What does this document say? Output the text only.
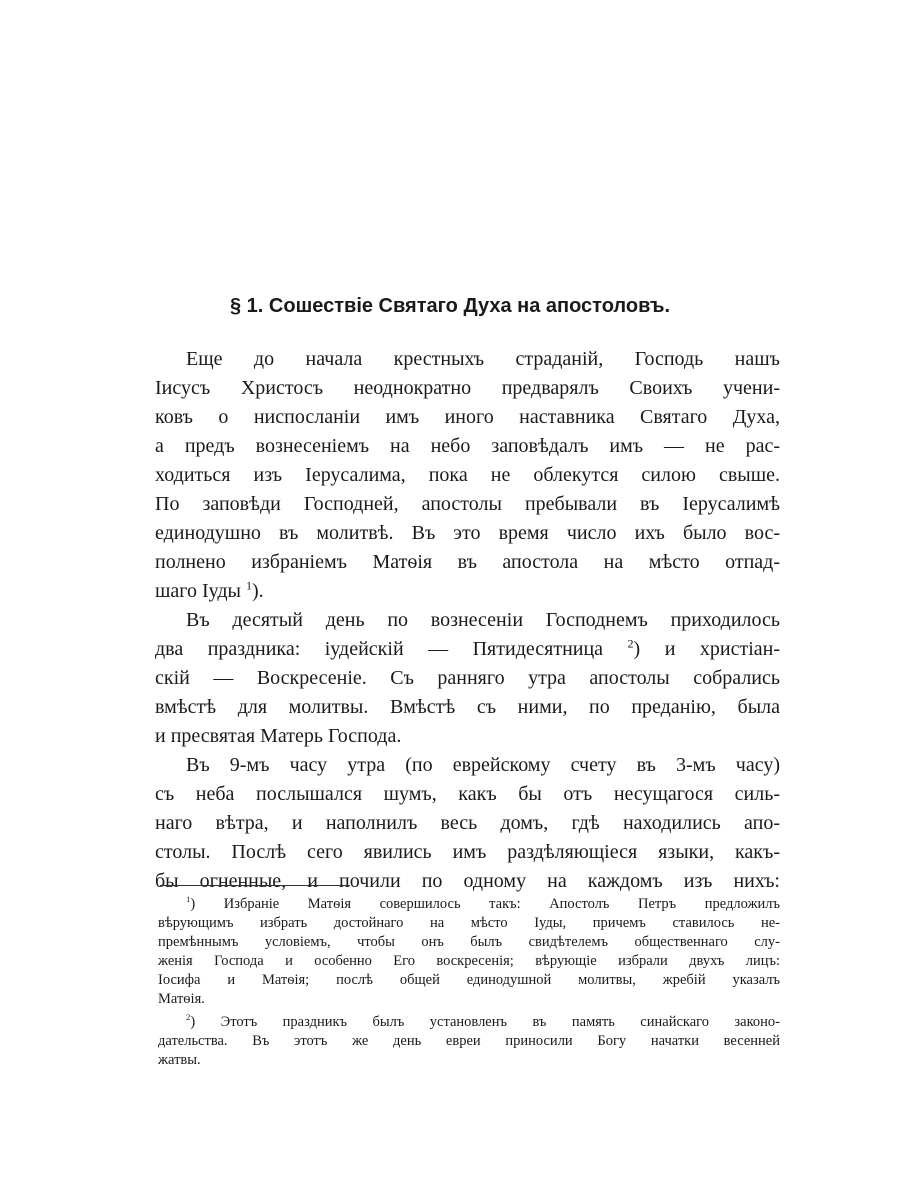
§ 1. Сошествіе Святаго Духа на апостоловъ.
Еще до начала крестныхъ страданій, Господь нашъ
Іисусъ Христосъ неоднократно предварялъ Своихъ учени-
ковъ о ниспосланіи имъ иного наставника Святаго Духа,
а предъ вознесеніемъ на небо заповѣдалъ имъ — не рас-
ходиться изъ Іерусалима, пока не облекутся силою свыше.
По заповѣди Господней, апостолы пребывали въ Іерусалимѣ
единодушно въ молитвѣ. Въ это время число ихъ было вос-
полнено избраніемъ Матѳія въ апостола на мѣсто отпад-
шаго Іуды $^1$).
Въ десятый день по вознесеніи Господнемъ приходилось
два праздника: іудейскій — Пятидесятница $^2$) и христіан-
скій — Воскресеніе. Съ ранняго утра апостолы собрались
вмѣстѣ для молитвы. Вмѣстѣ съ ними, по преданію, была
и пресвятая Матерь Господа.
Въ 9-мъ часу утра (по еврейскому счету въ 3-мъ часу)
съ неба послышался шумъ, какъ бы отъ несущагося силь-
наго вѣтра, и наполнилъ весь домъ, гдѣ находились апо-
столы. Послѣ сего явились имъ раздѣляющіеся языки, какъ-
бы огненные, и почили по одному на каждомъ изъ нихъ:
$^1$) Избраніе Матѳія совершилось такъ: Апостолъ Петръ предложилъ
вѣрующимъ избрать достойнаго на мѣсто Іуды, причемъ ставилось не-
премѣннымъ условіемъ, чтобы онъ былъ свидѣтелемъ общественнаго слу-
женія Господа и особенно Его воскресенія; вѣрующіе избрали двухъ лицъ:
Іосифа и Матѳія; послѣ общей единодушной молитвы, жребій указалъ
Матѳія.
$^2$) Этотъ праздникъ былъ установленъ въ память синайскаго законо-
дательства. Въ этотъ же день евреи приносили Богу начатки весенней
жатвы.
